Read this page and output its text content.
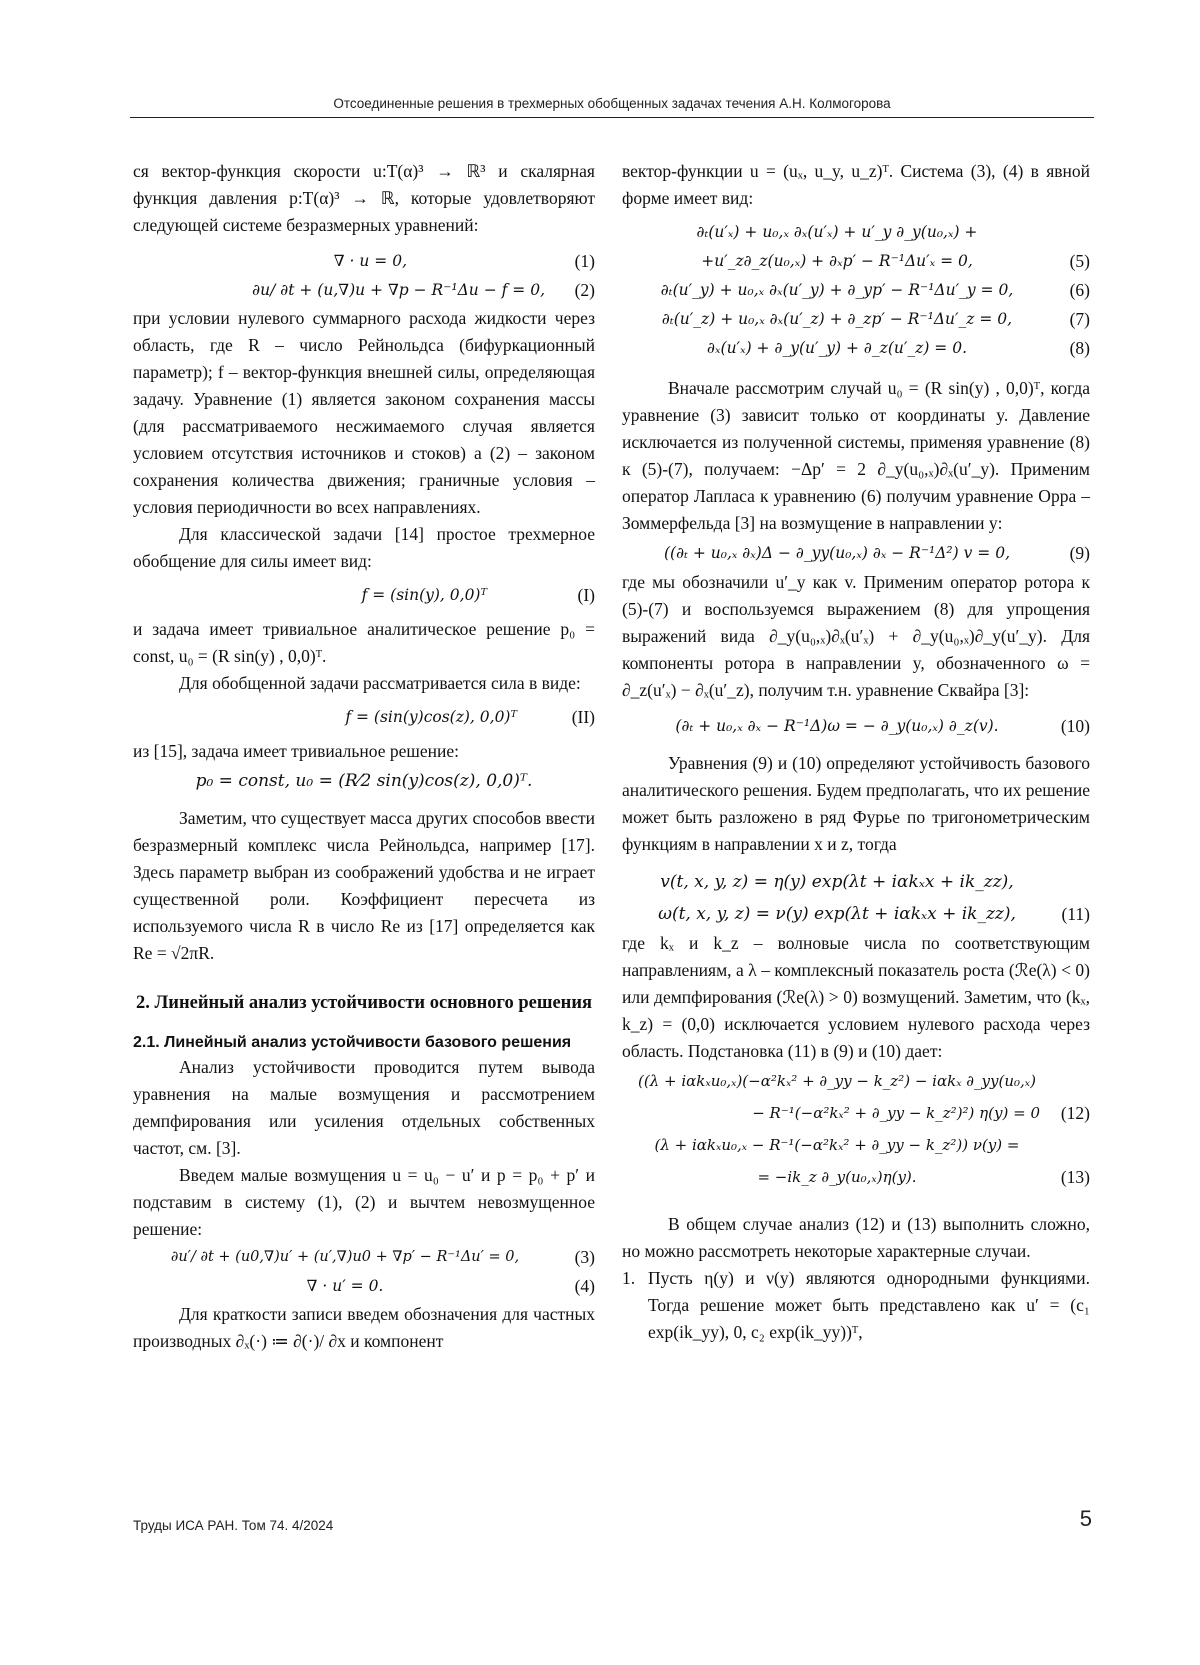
Отсоединенные решения в трехмерных обобщенных задачах течения А.Н. Колмогорова

ся вектор-функция скорости u:T(α)³ → ℝ³ и скалярная функция давления p:T(α)³ → ℝ, которые удовлетворяют следующей системе безразмерных уравнений:

∇ · u = 0,	(1)
∂u/ ∂t + (u,∇)u + ∇p − R⁻¹Δu − f = 0,	(2)

при условии нулевого суммарного расхода жидкости через область, где R – число Рейнольдса (бифуркационный параметр); f – вектор-функция внешней силы, определяющая задачу. Уравнение (1) является законом сохранения массы (для рассматриваемого несжимаемого случая является условием отсутствия источников и стоков) а (2) – законом сохранения количества движения; граничные условия – условия периодичности во всех направлениях.

Для классической задачи [14] простое трехмерное обобщение для силы имеет вид:

f = (sin(y), 0,0)ᵀ	(I)

и задача имеет тривиальное аналитическое решение p₀ = const, u₀ = (R sin(y) , 0,0)ᵀ.

Для обобщенной задачи рассматривается сила в виде:

f = (sin(y)cos(z), 0,0)ᵀ	(II)

из [15], задача имеет тривиальное решение:

p₀ = const, u₀ = (R⁄2 sin(y)cos(z), 0,0)ᵀ.

Заметим, что существует масса других способов ввести безразмерный комплекс числа Рейнольдса, например [17]. Здесь параметр выбран из соображений удобства и не играет существенной роли. Коэффициент пересчета из используемого числа R в число Re из [17] определяется как Re = √2πR.

2. Линейный анализ устойчивости основного решения
2.1. Линейный анализ устойчивости базового решения

Анализ устойчивости проводится путем вывода уравнения на малые возмущения и рассмотрением демпфирования или усиления отдельных собственных частот, см. [3].

Введем малые возмущения u = u₀ − u′ и p = p₀ + p′ и подставим в систему (1), (2) и вычтем невозмущенное решение:

∂u′/ ∂t + (u0,∇)u′ + (u′,∇)u0 + ∇p′ − R⁻¹Δu′ = 0,	(3)
∇ · u′ = 0.	(4)

Для краткости записи введем обозначения для частных производных ∂ₓ(·) ≔ ∂(·)/ ∂x и компонент

вектор-функции u = (uₓ, u_y, u_z)ᵀ. Система (3), (4) в явной форме имеет вид:

∂ₜ(u′ₓ) + u₀,ₓ ∂ₓ(u′ₓ) + u′_y ∂_y(u₀,ₓ) +
+u′_z∂_z(u₀,ₓ) + ∂ₓp′ − R⁻¹Δu′ₓ = 0,	(5)
∂ₜ(u′_y) + u₀,ₓ ∂ₓ(u′_y) + ∂_yp′ − R⁻¹Δu′_y = 0,	(6)
∂ₜ(u′_z) + u₀,ₓ ∂ₓ(u′_z) + ∂_zp′ − R⁻¹Δu′_z = 0,	(7)
∂ₓ(u′ₓ) + ∂_y(u′_y) + ∂_z(u′_z) = 0.	(8)

Вначале рассмотрим случай u₀ = (R sin(y) , 0,0)ᵀ, когда уравнение (3) зависит только от координаты y. Давление исключается из полученной системы, применяя уравнение (8) к (5)-(7), получаем: −Δp′ = 2 ∂_y(u₀,ₓ)∂ₓ(u′_y). Применим оператор Лапласа к уравнению (6) получим уравнение Орра – Зоммерфельда [3] на возмущение в направлении y:

((∂ₜ + u₀,ₓ ∂ₓ)Δ − ∂_yy(u₀,ₓ) ∂ₓ − R⁻¹Δ²) v = 0,	(9)

где мы обозначили u′_y как v. Применим оператор ротора к (5)-(7) и воспользуемся выражением (8) для упрощения выражений вида ∂_y(u₀,ₓ)∂ₓ(u′ₓ) + ∂_y(u₀,ₓ)∂_y(u′_y). Для компоненты ротора в направлении y, обозначенного ω = ∂_z(u′ₓ) − ∂ₓ(u′_z), получим т.н. уравнение Сквайра [3]:

(∂ₜ + u₀,ₓ ∂ₓ − R⁻¹Δ)ω = − ∂_y(u₀,ₓ) ∂_z(v).	(10)

Уравнения (9) и (10) определяют устойчивость базового аналитического решения. Будем предполагать, что их решение может быть разложено в ряд Фурье по тригонометрическим функциям в направлении x и z, тогда

v(t, x, y, z) = η(y) exp(λt + iαkₓx + ik_zz),
ω(t, x, y, z) = ν(y) exp(λt + iαkₓx + ik_zz),	(11)

где kₓ и k_z – волновые числа по соответствующим направлениям, а λ – комплексный показатель роста (ℛe(λ) < 0) или демпфирования (ℛe(λ) > 0) возмущений. Заметим, что (kₓ, k_z) = (0,0) исключается условием нулевого расхода через область. Подстановка (11) в (9) и (10) дает:

((λ + iαkₓu₀,ₓ)(−α²kₓ² + ∂_yy − k_z²) − iαkₓ ∂_yy(u₀,ₓ)
− R⁻¹(−α²kₓ² + ∂_yy − k_z²)²) η(y) = 0	(12)
(λ + iαkₓu₀,ₓ − R⁻¹(−α²kₓ² + ∂_yy − k_z²)) ν(y) =
= −ik_z ∂_y(u₀,ₓ)η(y).	(13)

В общем случае анализ (12) и (13) выполнить сложно, но можно рассмотреть некоторые характерные случаи.

1. Пусть η(y) и ν(y) являются однородными функциями. Тогда решение может быть представлено как u′ = (c₁ exp(ik_yy), 0, c₂ exp(ik_yy))ᵀ,
Труды ИСА РАН. Том 74. 4/2024	5
